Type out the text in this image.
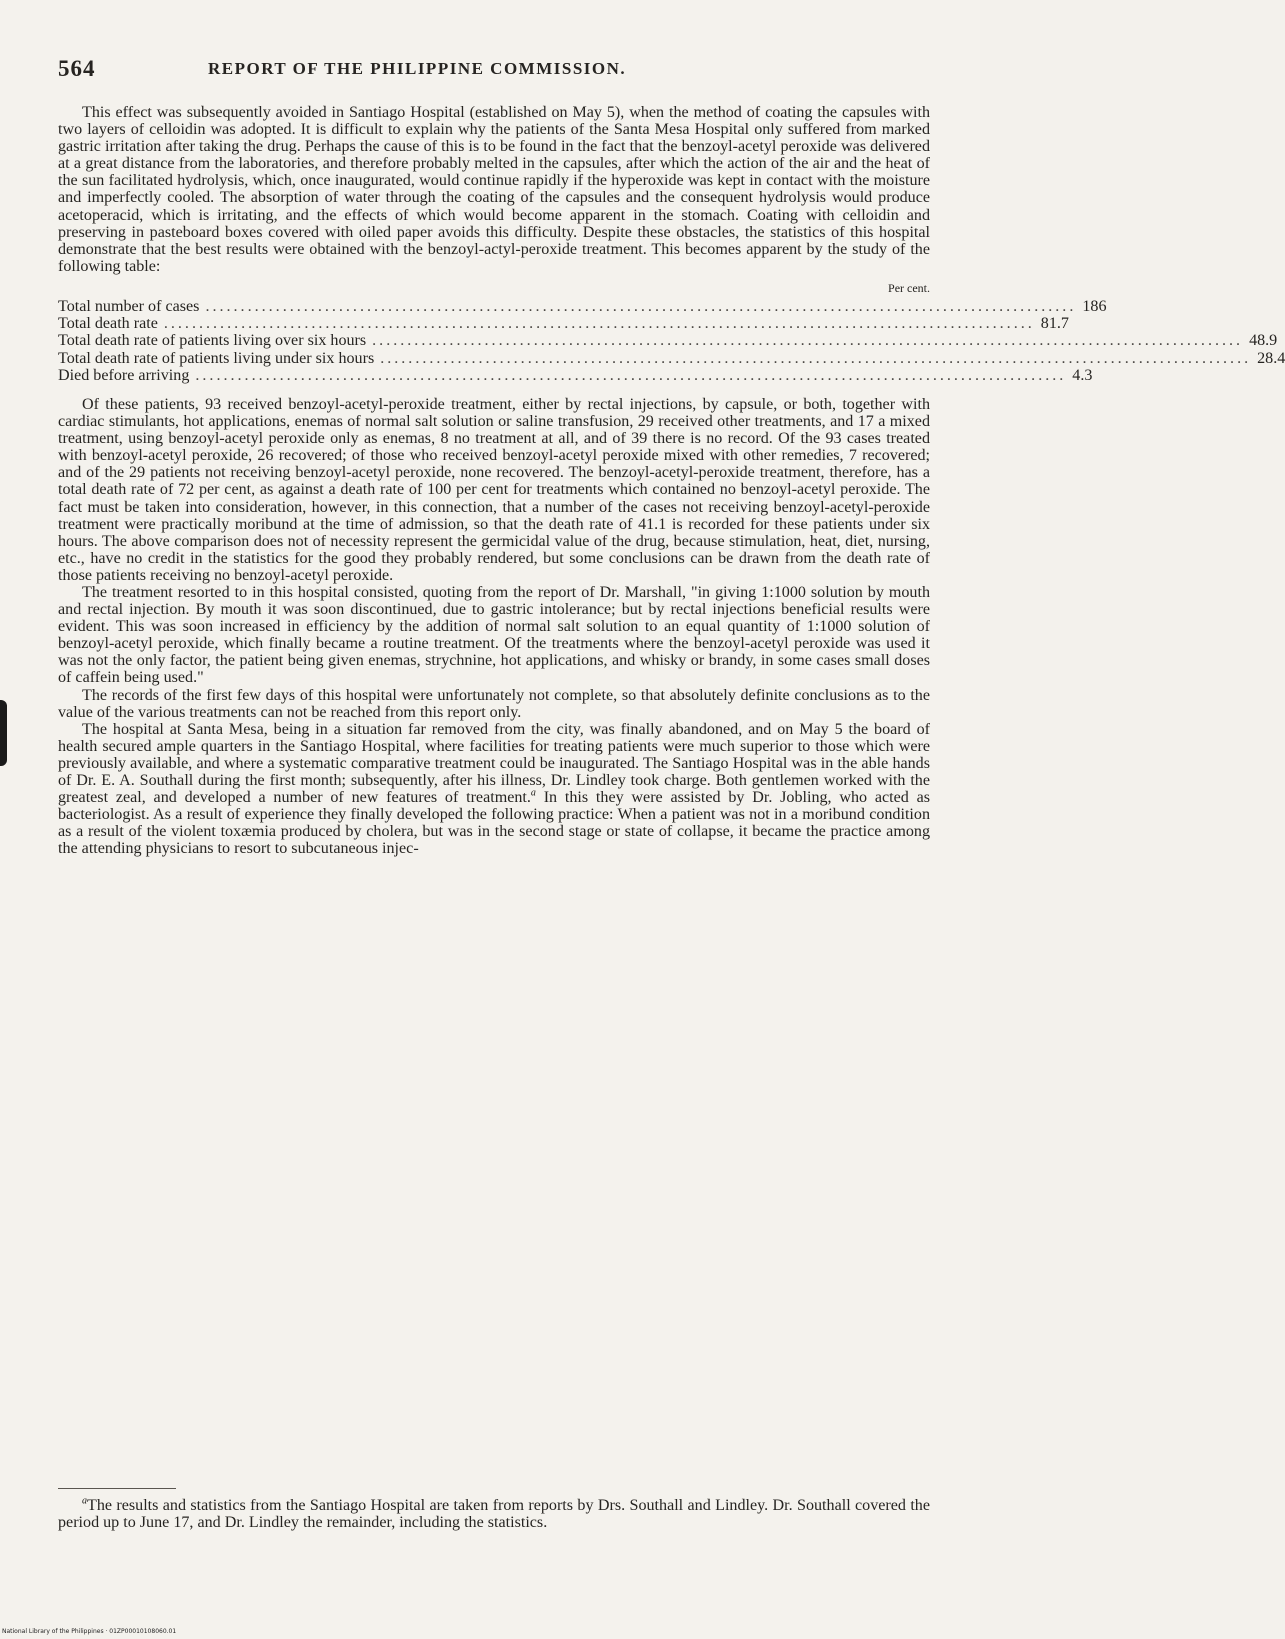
564	REPORT OF THE PHILIPPINE COMMISSION.

This effect was subsequently avoided in Santiago Hospital (established on May 5), when the method of coating the capsules with two layers of celloidin was adopted. It is difficult to explain why the patients of the Santa Mesa Hospital only suffered from marked gastric irritation after taking the drug. Perhaps the cause of this is to be found in the fact that the benzoyl-acetyl peroxide was delivered at a great distance from the laboratories, and therefore probably melted in the capsules, after which the action of the air and the heat of the sun facilitated hydrolysis, which, once inaugurated, would continue rapidly if the hyperoxide was kept in contact with the moisture and imperfectly cooled. The absorption of water through the coating of the capsules and the consequent hydrolysis would produce acetoperacid, which is irritating, and the effects of which would become apparent in the stomach. Coating with celloidin and preserving in pasteboard boxes covered with oiled paper avoids this difficulty. Despite these obstacles, the statistics of this hospital demonstrate that the best results were obtained with the benzoyl-actyl-peroxide treatment. This becomes apparent by the study of the following table:

Per cent.
Total number of cases ............................................................................................................................ 186
Total death rate ............................................................................................................................ 81.7
Total death rate of patients living over six hours ............................................................................................................................ 48.9
Total death rate of patients living under six hours ............................................................................................................................ 28.4
Died before arriving ............................................................................................................................ 4.3

Of these patients, 93 received benzoyl-acetyl-peroxide treatment, either by rectal injections, by capsule, or both, together with cardiac stimulants, hot applications, enemas of normal salt solution or saline transfusion, 29 received other treatments, and 17 a mixed treatment, using benzoyl-acetyl peroxide only as enemas, 8 no treatment at all, and of 39 there is no record. Of the 93 cases treated with benzoyl-acetyl peroxide, 26 recovered; of those who received benzoyl-acetyl peroxide mixed with other remedies, 7 recovered; and of the 29 patients not receiving benzoyl-acetyl peroxide, none recovered. The benzoyl-acetyl-peroxide treatment, therefore, has a total death rate of 72 per cent, as against a death rate of 100 per cent for treatments which contained no benzoyl-acetyl peroxide. The fact must be taken into consideration, however, in this connection, that a number of the cases not receiving benzoyl-acetyl-peroxide treatment were practically moribund at the time of admission, so that the death rate of 41.1 is recorded for these patients under six hours. The above comparison does not of necessity represent the germicidal value of the drug, because stimulation, heat, diet, nursing, etc., have no credit in the statistics for the good they probably rendered, but some conclusions can be drawn from the death rate of those patients receiving no benzoyl-acetyl peroxide.

The treatment resorted to in this hospital consisted, quoting from the report of Dr. Marshall, "in giving 1:1000 solution by mouth and rectal injection. By mouth it was soon discontinued, due to gastric intolerance; but by rectal injections beneficial results were evident. This was soon increased in efficiency by the addition of normal salt solution to an equal quantity of 1:1000 solution of benzoyl-acetyl peroxide, which finally became a routine treatment. Of the treatments where the benzoyl-acetyl peroxide was used it was not the only factor, the patient being given enemas, strychnine, hot applications, and whisky or brandy, in some cases small doses of caffein being used."

The records of the first few days of this hospital were unfortunately not complete, so that absolutely definite conclusions as to the value of the various treatments can not be reached from this report only.

The hospital at Santa Mesa, being in a situation far removed from the city, was finally abandoned, and on May 5 the board of health secured ample quarters in the Santiago Hospital, where facilities for treating patients were much superior to those which were previously available, and where a systematic comparative treatment could be inaugurated. The Santiago Hospital was in the able hands of Dr. E. A. Southall during the first month; subsequently, after his illness, Dr. Lindley took charge. Both gentlemen worked with the greatest zeal, and developed a number of new features of treatment.$^a$ In this they were assisted by Dr. Jobling, who acted as bacteriologist. As a result of experience they finally developed the following practice: When a patient was not in a moribund condition as a result of the violent toxæmia produced by cholera, but was in the second stage or state of collapse, it became the practice among the attending physicians to resort to subcutaneous injec-

$^a$The results and statistics from the Santiago Hospital are taken from reports by Drs. Southall and Lindley. Dr. Southall covered the period up to June 17, and Dr. Lindley the remainder, including the statistics.

National Library of the Philippines · 01ZP00010108060.01
